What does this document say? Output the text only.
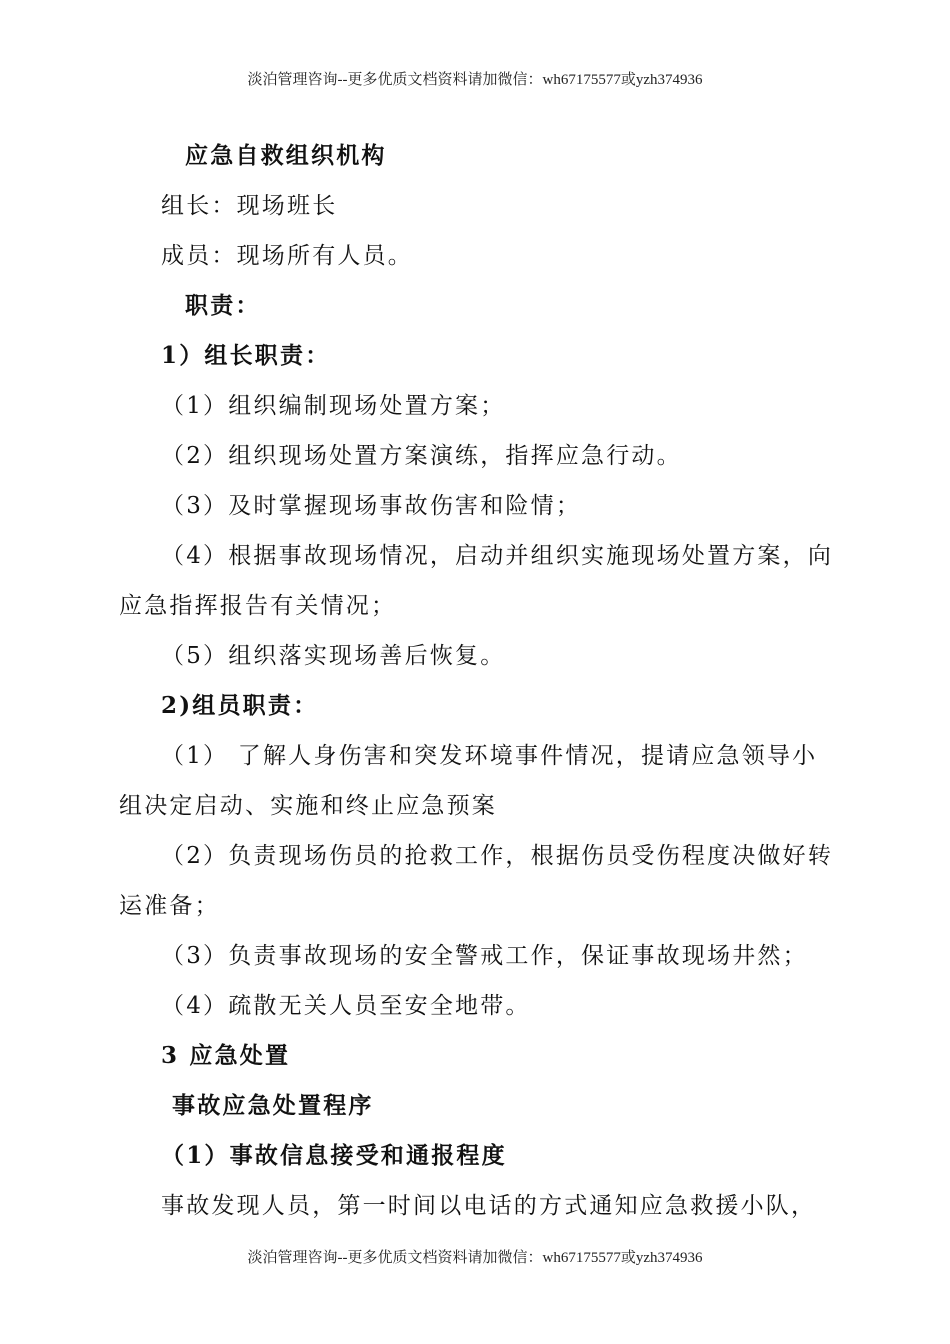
淡泊管理咨询--更多优质文档资料请加微信：wh67175577或yzh374936
应急自救组织机构
组长：现场班长
成员：现场所有人员。
职责：
1）组长职责：
（1）组织编制现场处置方案；
（2）组织现场处置方案演练，指挥应急行动。
（3）及时掌握现场事故伤害和险情；
（4）根据事故现场情况，启动并组织实施现场处置方案，向
应急指挥报告有关情况；
（5）组织落实现场善后恢复。
2)组员职责：
（1） 了解人身伤害和突发环境事件情况，提请应急领导小
组决定启动、实施和终止应急预案
（2）负责现场伤员的抢救工作，根据伤员受伤程度决做好转
运准备；
（3）负责事故现场的安全警戒工作，保证事故现场井然；
（4）疏散无关人员至安全地带。
3 应急处置
事故应急处置程序
（1）事故信息接受和通报程度
事故发现人员，第一时间以电话的方式通知应急救援小队，
淡泊管理咨询--更多优质文档资料请加微信：wh67175577或yzh374936
